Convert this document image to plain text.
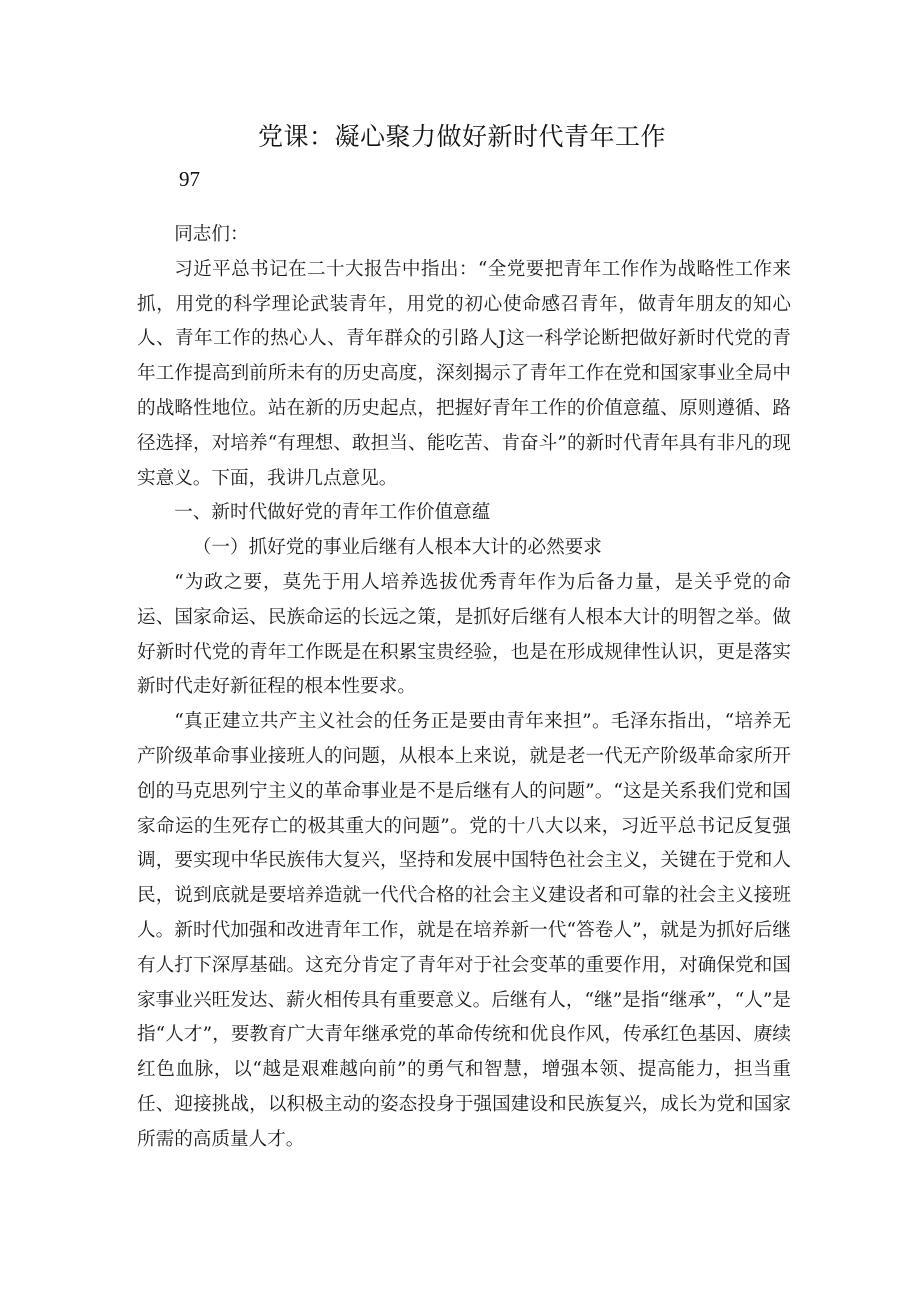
党课：凝心聚力做好新时代青年工作
97

同志们：

习近平总书记在二十大报告中指出：“全党要把青年工作作为战略性工作来抓，用党的科学理论武装青年，用党的初心使命感召青年，做青年朋友的知心人、青年工作的热心人、青年群众的引路人J这一科学论断把做好新时代党的青年工作提高到前所未有的历史高度，深刻揭示了青年工作在党和国家事业全局中的战略性地位。站在新的历史起点，把握好青年工作的价值意蕴、原则遵循、路径选择，对培养“有理想、敢担当、能吃苦、肯奋斗”的新时代青年具有非凡的现实意义。下面，我讲几点意见。

一、新时代做好党的青年工作价值意蕴

（一）抓好党的事业后继有人根本大计的必然要求

“为政之要，莫先于用人培养选拔优秀青年作为后备力量，是关乎党的命运、国家命运、民族命运的长远之策，是抓好后继有人根本大计的明智之举。做好新时代党的青年工作既是在积累宝贵经验，也是在形成规律性认识，更是落实新时代走好新征程的根本性要求。

“真正建立共产主义社会的任务正是要由青年来担”。毛泽东指出，“培养无产阶级革命事业接班人的问题，从根本上来说，就是老一代无产阶级革命家所开创的马克思列宁主义的革命事业是不是后继有人的问题”。“这是关系我们党和国家命运的生死存亡的极其重大的问题”。党的十八大以来，习近平总书记反复强调，要实现中华民族伟大复兴，坚持和发展中国特色社会主义，关键在于党和人民，说到底就是要培养造就一代代合格的社会主义建设者和可靠的社会主义接班人。新时代加强和改进青年工作，就是在培养新一代“答卷人”，就是为抓好后继有人打下深厚基础。这充分肯定了青年对于社会变革的重要作用，对确保党和国家事业兴旺发达、薪火相传具有重要意义。后继有人，“继”是指“继承”，“人”是指“人才”，要教育广大青年继承党的革命传统和优良作风，传承红色基因、赓续红色血脉，以“越是艰难越向前”的勇气和智慧，增强本领、提高能力，担当重任、迎接挑战，以积极主动的姿态投身于强国建设和民族复兴，成长为党和国家所需的高质量人才。
